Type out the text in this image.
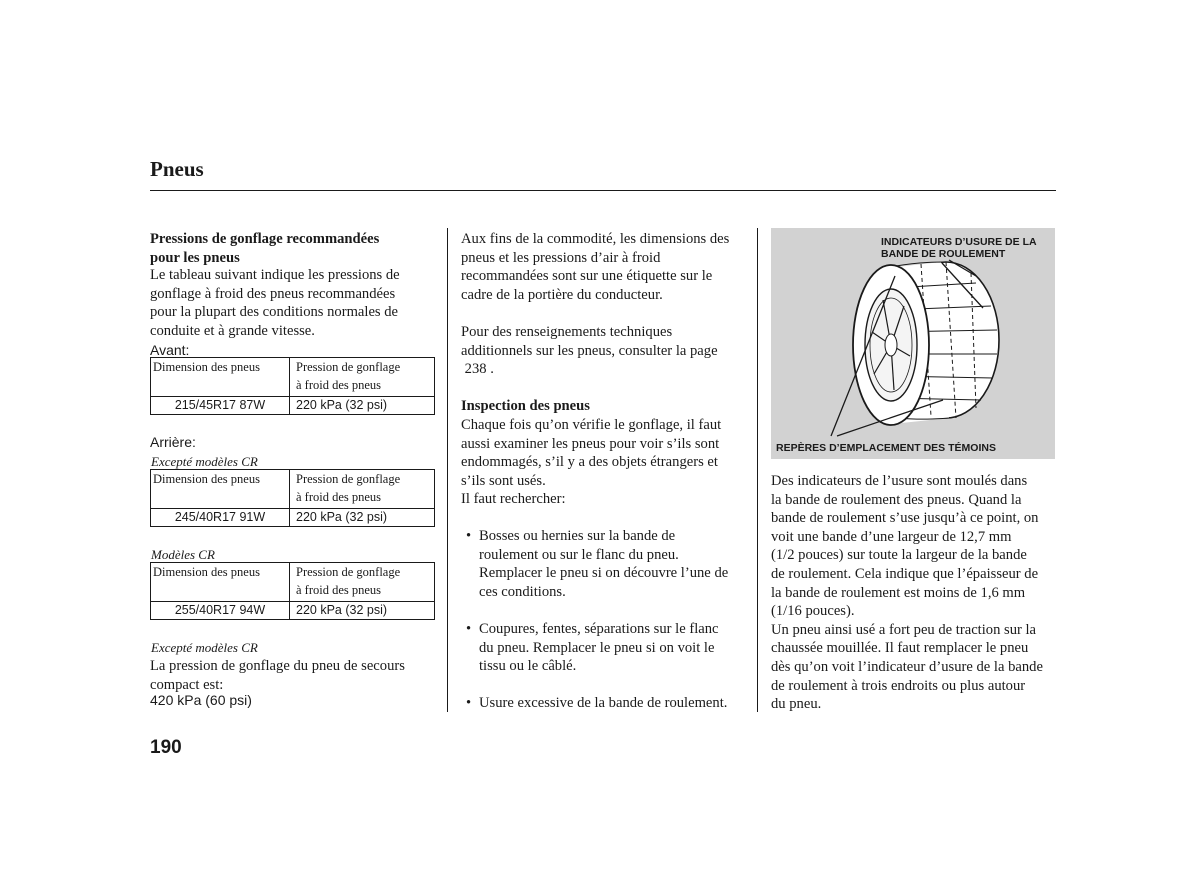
Pneus
Pressions de gonflage recommandées
pour les pneus
Le tableau suivant indique les pressions de
gonflage à froid des pneus recommandées
pour la plupart des conditions normales de
conduite et à grande vitesse.
Avant:
Dimension des pneus	Pression de gonflage
à froid des pneus

215/45R17 87W	220 kPa (32 psi)
Arrière:
Excepté modèles CR
Dimension des pneus	Pression de gonflage
à froid des pneus

245/40R17 91W	220 kPa (32 psi)
Modèles CR
Dimension des pneus	Pression de gonflage
à froid des pneus

255/40R17 94W	220 kPa (32 psi)
Excepté modèles CR
La pression de gonflage du pneu de secours
compact est:
420 kPa (60 psi)
Aux fins de la commodité, les dimensions des
pneus et les pressions d’air à froid
recommandées sont sur une étiquette sur le
cadre de la portière du conducteur.
Pour des renseignements techniques
additionnels sur les pneus, consulter la page
238 .
Inspection des pneus
Chaque fois qu’on vérifie le gonflage, il faut
aussi examiner les pneus pour voir s’ils sont
endommagés, s’il y a des objets étrangers et
s’ils sont usés.
Il faut rechercher:
• Bosses ou hernies sur la bande de
roulement ou sur le flanc du pneu.
Remplacer le pneu si on découvre l’une de
ces conditions.
• Coupures, fentes, séparations sur le flanc
du pneu. Remplacer le pneu si on voit le
tissu ou le câblé.
• Usure excessive de la bande de roulement.
INDICATEURS D’USURE DE LA
BANDE DE ROULEMENT
REPÈRES D’EMPLACEMENT DES TÉMOINS
Des indicateurs de l’usure sont moulés dans
la bande de roulement des pneus. Quand la
bande de roulement s’use jusqu’à ce point, on
voit une bande d’une largeur de 12,7 mm
(1/2 pouces) sur toute la largeur de la bande
de roulement. Cela indique que l’épaisseur de
la bande de roulement est moins de 1,6 mm
(1/16 pouces).
Un pneu ainsi usé a fort peu de traction sur la
chaussée mouillée. Il faut remplacer le pneu
dès qu’on voit l’indicateur d’usure de la bande
de roulement à trois endroits ou plus autour
du pneu.
190
